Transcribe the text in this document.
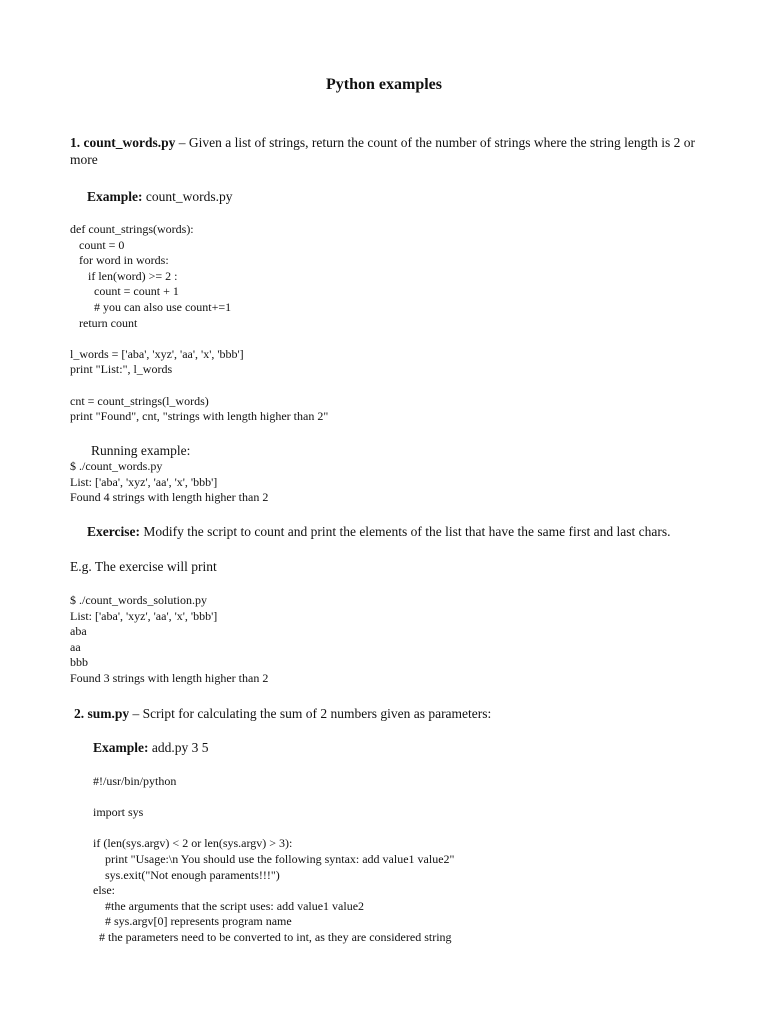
Python examples
1. count_words.py – Given a list of strings, return the count of the number of strings where the string length is 2 or more
Example: count_words.py
def count_strings(words):
count = 0
for word in words:
if len(word) >= 2 :
count = count + 1
# you can also use count+=1
return count
l_words = ['aba', 'xyz', 'aa', 'x', 'bbb']
print "List:", l_words
cnt = count_strings(l_words)
print "Found", cnt, "strings with length higher than 2"
Running example:
$ ./count_words.py
List: ['aba', 'xyz', 'aa', 'x', 'bbb']
Found 4 strings with length higher than 2
Exercise: Modify the script to count and print the elements of the list that have the same first and last chars.
E.g. The exercise will print
$ ./count_words_solution.py
List: ['aba', 'xyz', 'aa', 'x', 'bbb']
aba
aa
bbb
Found 3 strings with length higher than 2
2. sum.py – Script for calculating the sum of 2 numbers given as parameters:
Example: add.py 3 5
#!/usr/bin/python
import sys
if (len(sys.argv) < 2 or len(sys.argv) > 3):
print "Usage:\n You should use the following syntax: add value1 value2"
sys.exit("Not enough paraments!!!")
else:
#the arguments that the script uses: add value1 value2
# sys.argv[0] represents program name
# the parameters need to be converted to int, as they are considered string
